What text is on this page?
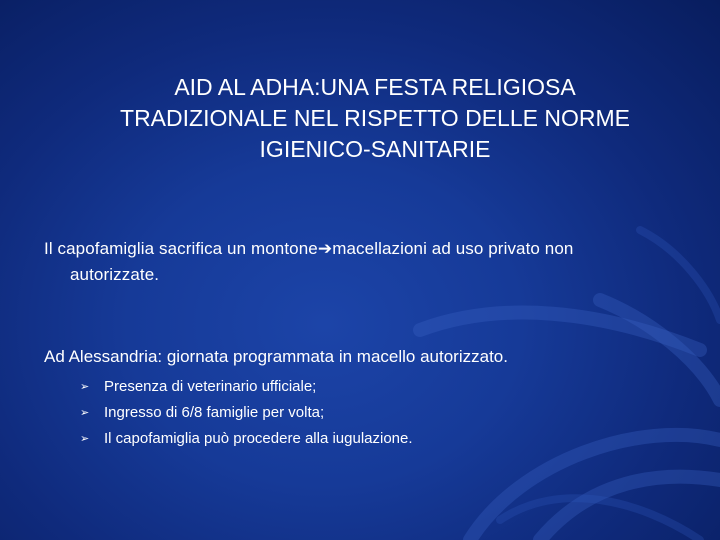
AID AL ADHA:UNA FESTA RELIGIOSA
TRADIZIONALE NEL RISPETTO DELLE NORME
IGIENICO-SANITARIE
Il capofamiglia sacrifica un montone➔macellazioni ad uso privato non
autorizzate.
Ad Alessandria: giornata programmata in macello autorizzato.
➢ Presenza di veterinario ufficiale;
➢ Ingresso di 6/8 famiglie per volta;
➢ Il capofamiglia può procedere alla iugulazione.
